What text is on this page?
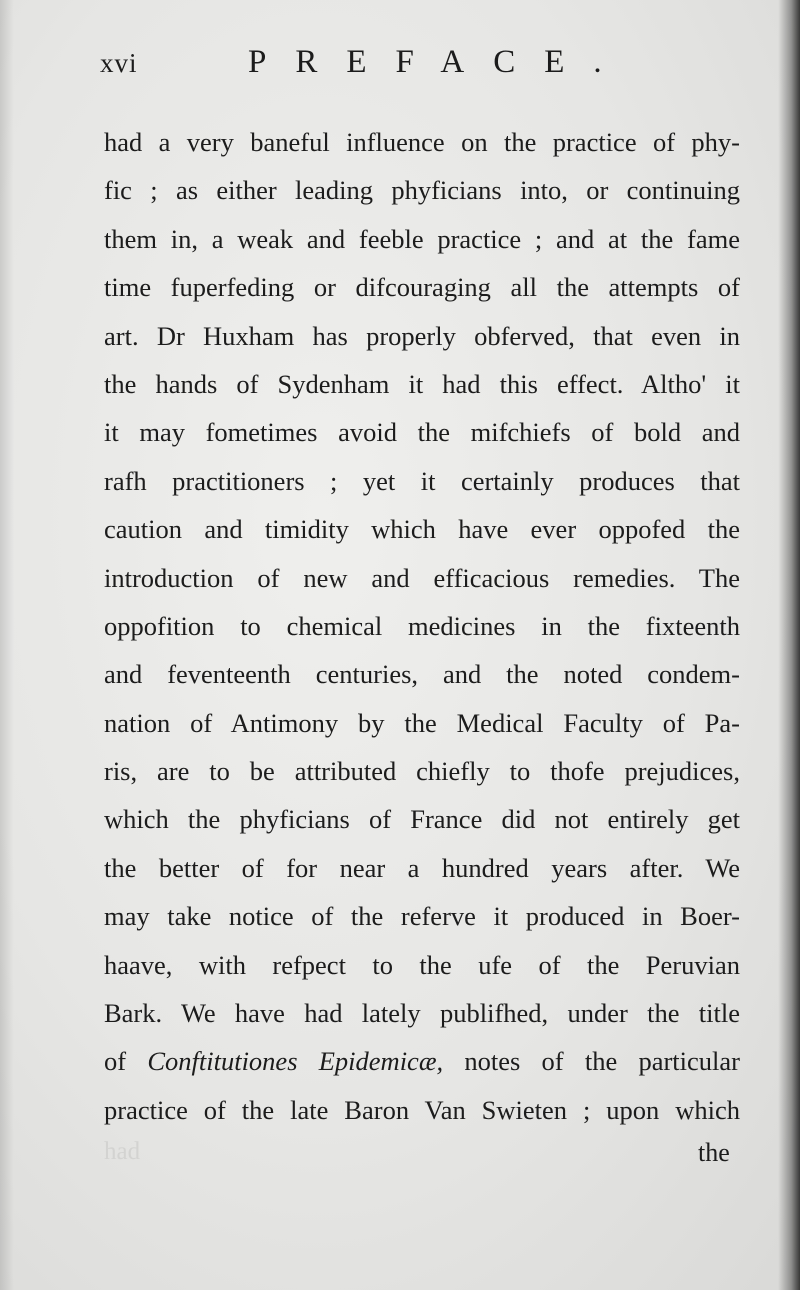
xvi	PREFACE.
had a very baneful influence on the practice of phy-
fic ; as either leading phyficians into, or continuing
them in, a weak and feeble practice ; and at the fame
time fuperfeding or difcouraging all the attempts of
art. Dr Huxham has properly obferved, that even in
the hands of Sydenham it had this effect. Altho' it
it may fometimes avoid the mifchiefs of bold and
rafh practitioners ; yet it certainly produces that
caution and timidity which have ever oppofed the
introduction of new and efficacious remedies. The
oppofition to chemical medicines in the fixteenth
and feventeenth centuries, and the noted condem-
nation of Antimony by the Medical Faculty of Pa-
ris, are to be attributed chiefly to thofe prejudices,
which the phyficians of France did not entirely get
the better of for near a hundred years after. We
may take notice of the referve it produced in Boer-
haave, with refpect to the ufe of the Peruvian
Bark. We have had lately publifhed, under the title
of Conftitutiones Epidemicæ, notes of the particular
practice of the late Baron Van Swieten ; upon which
had	the
